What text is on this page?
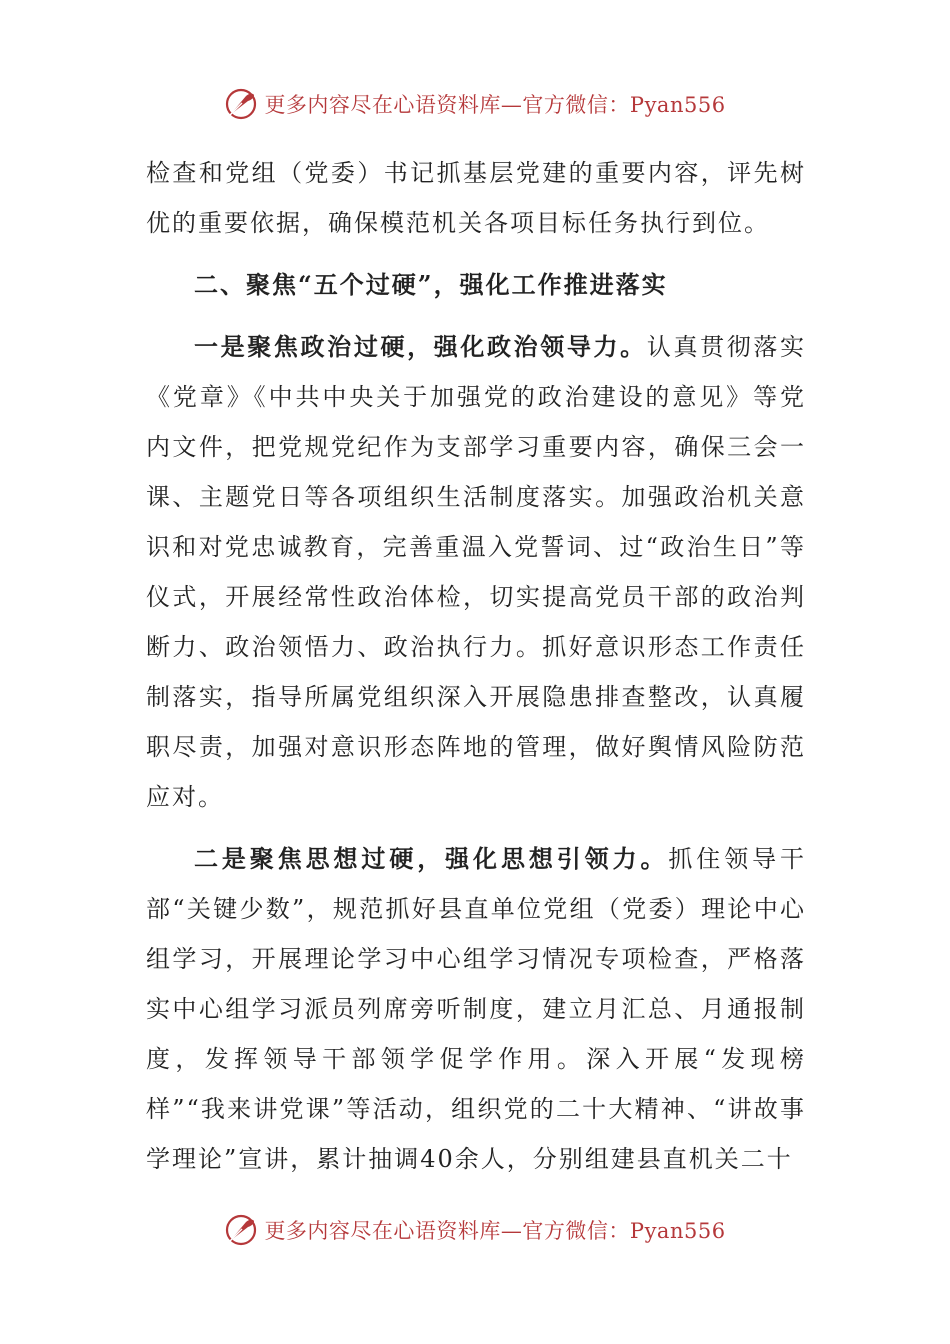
更多内容尽在心语资料库—官方微信：Pyan556

检查和党组（党委）书记抓基层党建的重要内容，评先树优的重要依据，确保模范机关各项目标任务执行到位。

二、聚焦“五个过硬”，强化工作推进落实

一是聚焦政治过硬，强化政治领导力。认真贯彻落实《党章》《中共中央关于加强党的政治建设的意见》等党内文件，把党规党纪作为支部学习重要内容，确保三会一课、主题党日等各项组织生活制度落实。加强政治机关意识和对党忠诚教育，完善重温入党誓词、过“政治生日”等仪式，开展经常性政治体检，切实提高党员干部的政治判断力、政治领悟力、政治执行力。抓好意识形态工作责任制落实，指导所属党组织深入开展隐患排查整改，认真履职尽责，加强对意识形态阵地的管理，做好舆情风险防范应对。

二是聚焦思想过硬，强化思想引领力。抓住领导干部“关键少数”，规范抓好县直单位党组（党委）理论中心组学习，开展理论学习中心组学习情况专项检查，严格落实中心组学习派员列席旁听制度，建立月汇总、月通报制度，发挥领导干部领学促学作用。深入开展“发现榜样”“我来讲党课”等活动，组织党的二十大精神、“讲故事学理论”宣讲，累计抽调40余人，分别组建县直机关二十

更多内容尽在心语资料库—官方微信：Pyan556
